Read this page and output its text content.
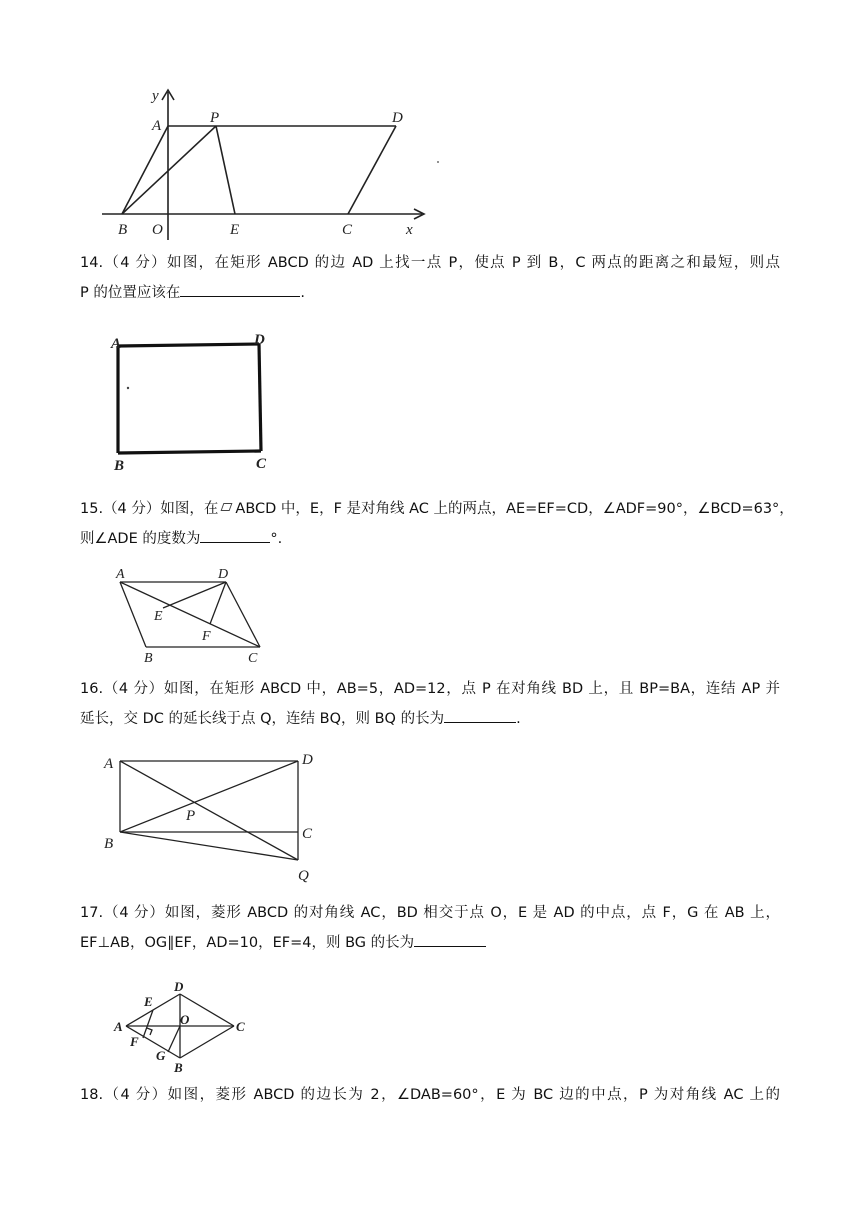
y
x
A	P	D
B O	E	C
14.（4 分）如图，在矩形 ABCD 的边 AD 上找一点 P，使点 P 到 B，C 两点的距离之和最短，则点
P 的位置应该在	.
A	D
B	C
15.（4 分）如图，在 ABCD 中，E，F 是对角线 AC 上的两点，AE=EF=CD，∠ADF=90°，∠BCD=63°，
则∠ADE 的度数为	°.
A	D
E
F
B	C
16.（4 分）如图，在矩形 ABCD 中，AB=5，AD=12，点 P 在对角线 BD 上，且 BP=BA，连结 AP 并
延长，交 DC 的延长线于点 Q，连结 BQ，则 BQ 的长为	.
A	D
P
B
C
Q
17.（4 分）如图，菱形 ABCD 的对角线 AC，BD 相交于点 O，E 是 AD 的中点，点 F，G 在 AB 上，
EF⊥AB，OG∥EF，AD=10，EF=4，则 BG 的长为
D
E
A	O	C
F
G
B
18.（4 分）如图，菱形 ABCD 的边长为 2，∠DAB=60°，E 为 BC 边的中点，P 为对角线 AC 上的
